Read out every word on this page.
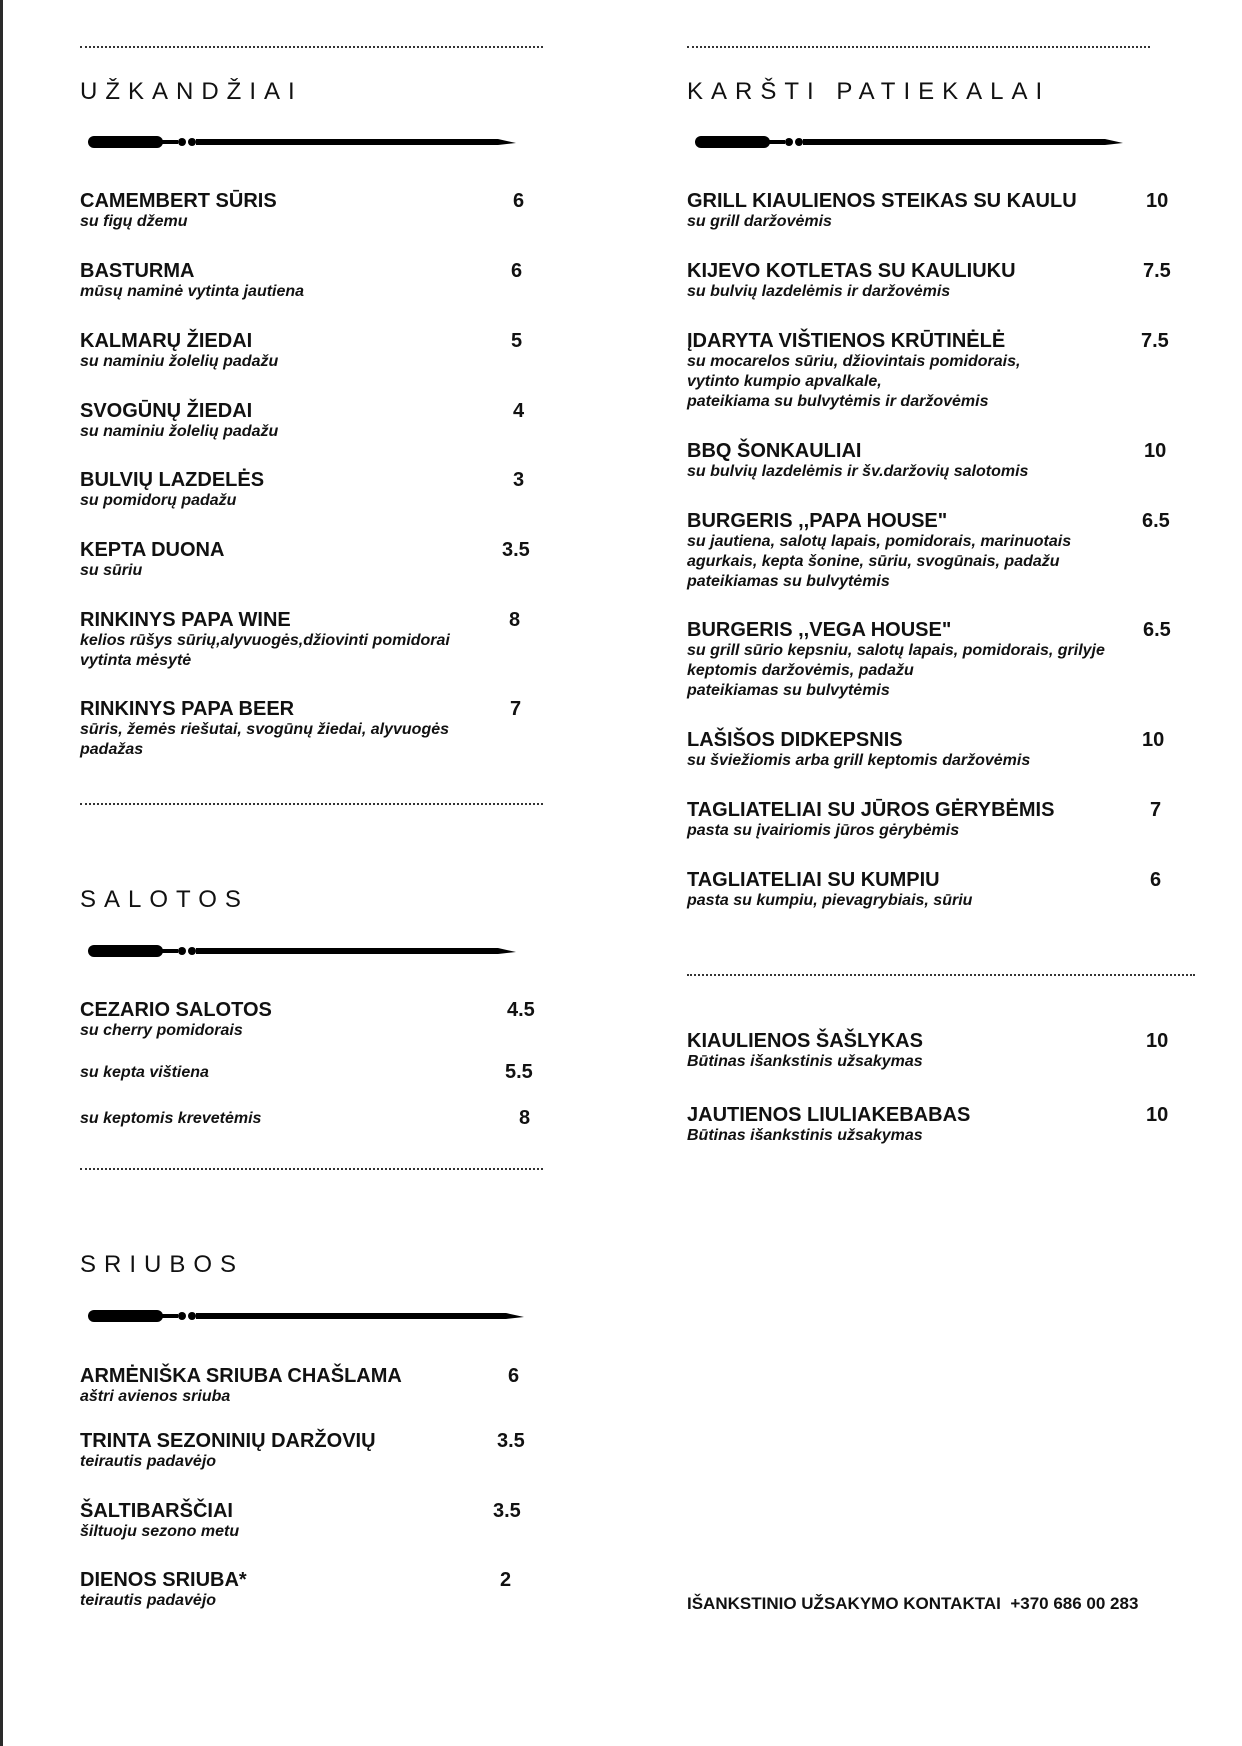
UŽKANDŽIAI
CAMEMBERT SŪRIS	6
su figų džemu
BASTURMA	6
mūsų naminė vytinta jautiena
KALMARŲ ŽIEDAI	5
su naminiu žolelių padažu
SVOGŪNŲ ŽIEDAI	4
su naminiu žolelių padažu
BULVIŲ LAZDELĖS	3
su pomidorų padažu
KEPTA DUONA	3.5
su sūriu
RINKINYS PAPA WINE	8
kelios rūšys sūrių,alyvuogės,džiovinti pomidorai
vytinta mėsytė
RINKINYS PAPA BEER	7
sūris, žemės riešutai, svogūnų žiedai, alyvuogės
padažas
SALOTOS
CEZARIO SALOTOS	4.5
su cherry pomidorais
su kepta vištiena	5.5
su keptomis krevetėmis	8
SRIUBOS
ARMĖNIŠKA SRIUBA CHAŠLAMA	6
aštri avienos sriuba
TRINTA SEZONINIŲ DARŽOVIŲ	3.5
teirautis padavėjo
ŠALTIBARŠČIAI	3.5
šiltuoju sezono metu
DIENOS SRIUBA*	2
teirautis padavėjo
KARŠTI PATIEKALAI
GRILL KIAULIENOS STEIKAS SU KAULU	10
su grill daržovėmis
KIJEVO KOTLETAS SU KAULIUKU	7.5
su bulvių lazdelėmis ir daržovėmis
ĮDARYTA VIŠTIENOS KRŪTINĖLĖ	7.5
su mocarelos sūriu, džiovintais pomidorais,
vytinto kumpio apvalkale,
pateikiama su bulvytėmis ir daržovėmis
BBQ ŠONKAULIAI	10
su bulvių lazdelėmis ir šv.daržovių salotomis
BURGERIS ,,PAPA HOUSE"	6.5
su jautiena, salotų lapais, pomidorais, marinuotais
agurkais, kepta šonine, sūriu, svogūnais, padažu
pateikiamas su bulvytėmis
BURGERIS ,,VEGA HOUSE"	6.5
su grill sūrio kepsniu, salotų lapais, pomidorais, grilyje
keptomis daržovėmis, padažu
pateikiamas su bulvytėmis
LAŠIŠOS DIDKEPSNIS	10
su šviežiomis arba grill keptomis daržovėmis
TAGLIATELIAI SU JŪROS GĖRYBĖMIS	7
pasta su įvairiomis jūros gėrybėmis
TAGLIATELIAI SU KUMPIU	6
pasta su kumpiu, pievagrybiais, sūriu
KIAULIENOS ŠAŠLYKAS	10
Būtinas išankstinis užsakymas
JAUTIENOS LIULIAKEBABAS	10
Būtinas išankstinis užsakymas
IŠANKSTINIO UŽSAKYMO KONTAKTAI +370 686 00 283
